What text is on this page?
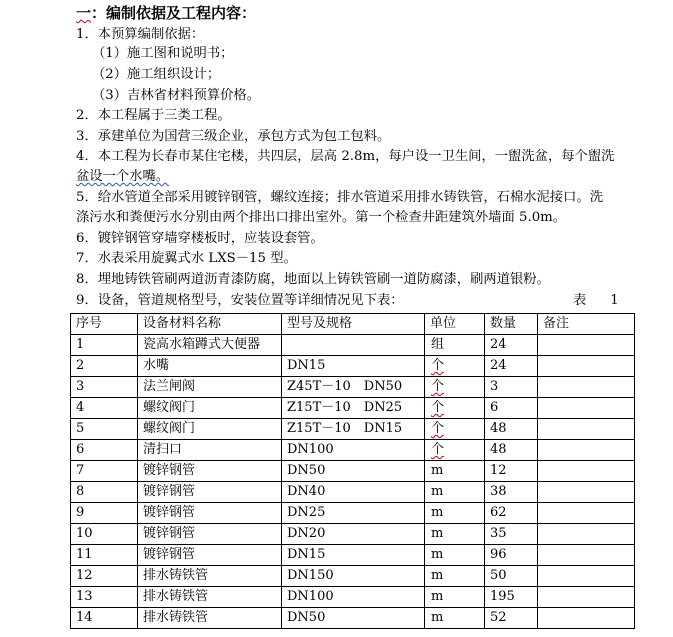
一：编制依据及工程内容：
1．本预算编制依据：
（1）施工图和说明书；
（2）施工组织设计；
（3）吉林省材料预算价格。
2．本工程属于三类工程。
3．承建单位为国营三级企业，承包方式为包工包料。
4．本工程为长春市某住宅楼，共四层，层高 2.8m，每户设一卫生间，一盥洗盆，每个盥洗
盆设一个水嘴。
5．给水管道全部采用镀锌钢管，螺纹连接；排水管道采用排水铸铁管，石棉水泥接口。洗
涤污水和粪便污水分别由两个排出口排出室外。第一个检查井距建筑外墙面 5.0m。
6．镀锌钢管穿墙穿楼板时，应装设套管。
7．水表采用旋翼式水 LXS－15 型。
8．埋地铸铁管刷两道沥青漆防腐，地面以上铸铁管刷一道防腐漆，刷两道银粉。
9．设备，管道规格型号，安装位置等详细情况见下表：	表 1
序号	设备材料名称	型号及规格	单位	数量	备注
1	瓷高水箱蹲式大便器		组	24	
2	水嘴	DN15	个	24	
3	法兰闸阀	Z45T－10　DN50	个	3	
4	螺纹阀门	Z15T－10　DN25	个	6	
5	螺纹阀门	Z15T－10　DN15	个	48	
6	清扫口	DN100	个	48	
7	镀锌钢管	DN50	m	12	
8	镀锌钢管	DN40	m	38	
9	镀锌钢管	DN25	m	62	
10	镀锌钢管	DN20	m	35	
11	镀锌钢管	DN15	m	96	
12	排水铸铁管	DN150	m	50	
13	排水铸铁管	DN100	m	195	
14	排水铸铁管	DN50	m	52	
